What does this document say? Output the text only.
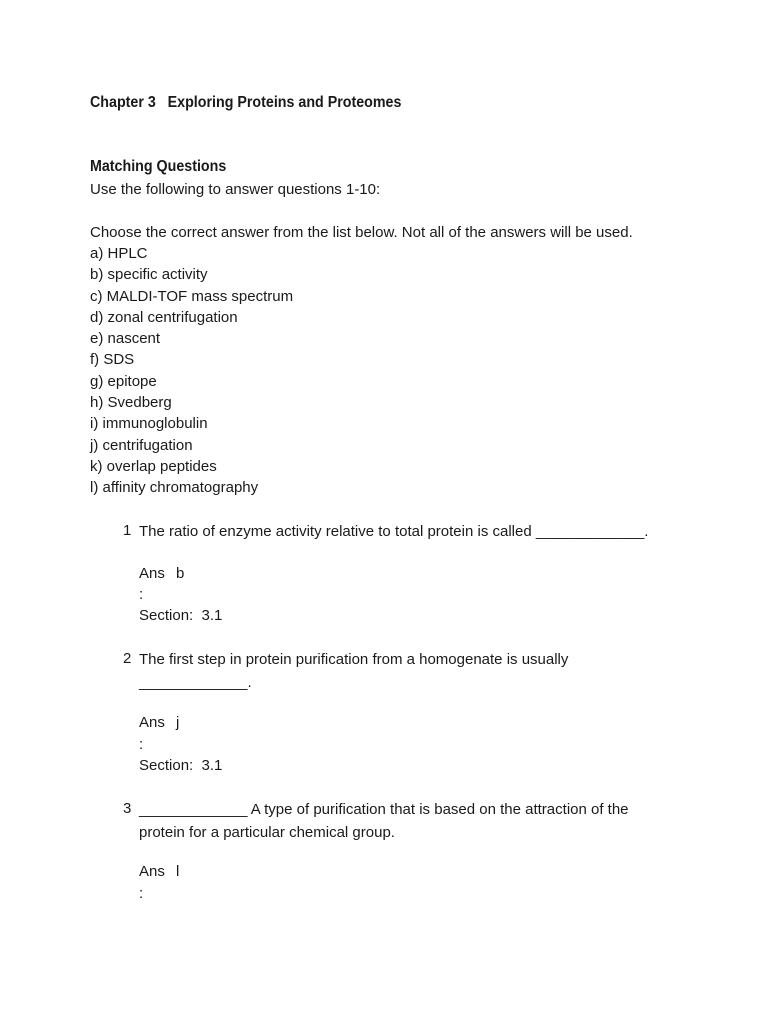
Chapter 3   Exploring Proteins and Proteomes
Matching Questions
Use the following to answer questions 1-10:
Choose the correct answer from the list below. Not all of the answers will be used.
a) HPLC
b) specific activity
c) MALDI-TOF mass spectrum
d) zonal centrifugation
e) nascent
f) SDS
g) epitope
h) Svedberg
i) immunoglobulin
j) centrifugation
k) overlap peptides
l) affinity chromatography
1 The ratio of enzyme activity relative to total protein is called _____________.
Ans b
:
Section:  3.1
2 The first step in protein purification from a homogenate is usually _____________.
Ans j
:
Section:  3.1
3 _____________ A type of purification that is based on the attraction of the protein for a particular chemical group.
Ans l
:
